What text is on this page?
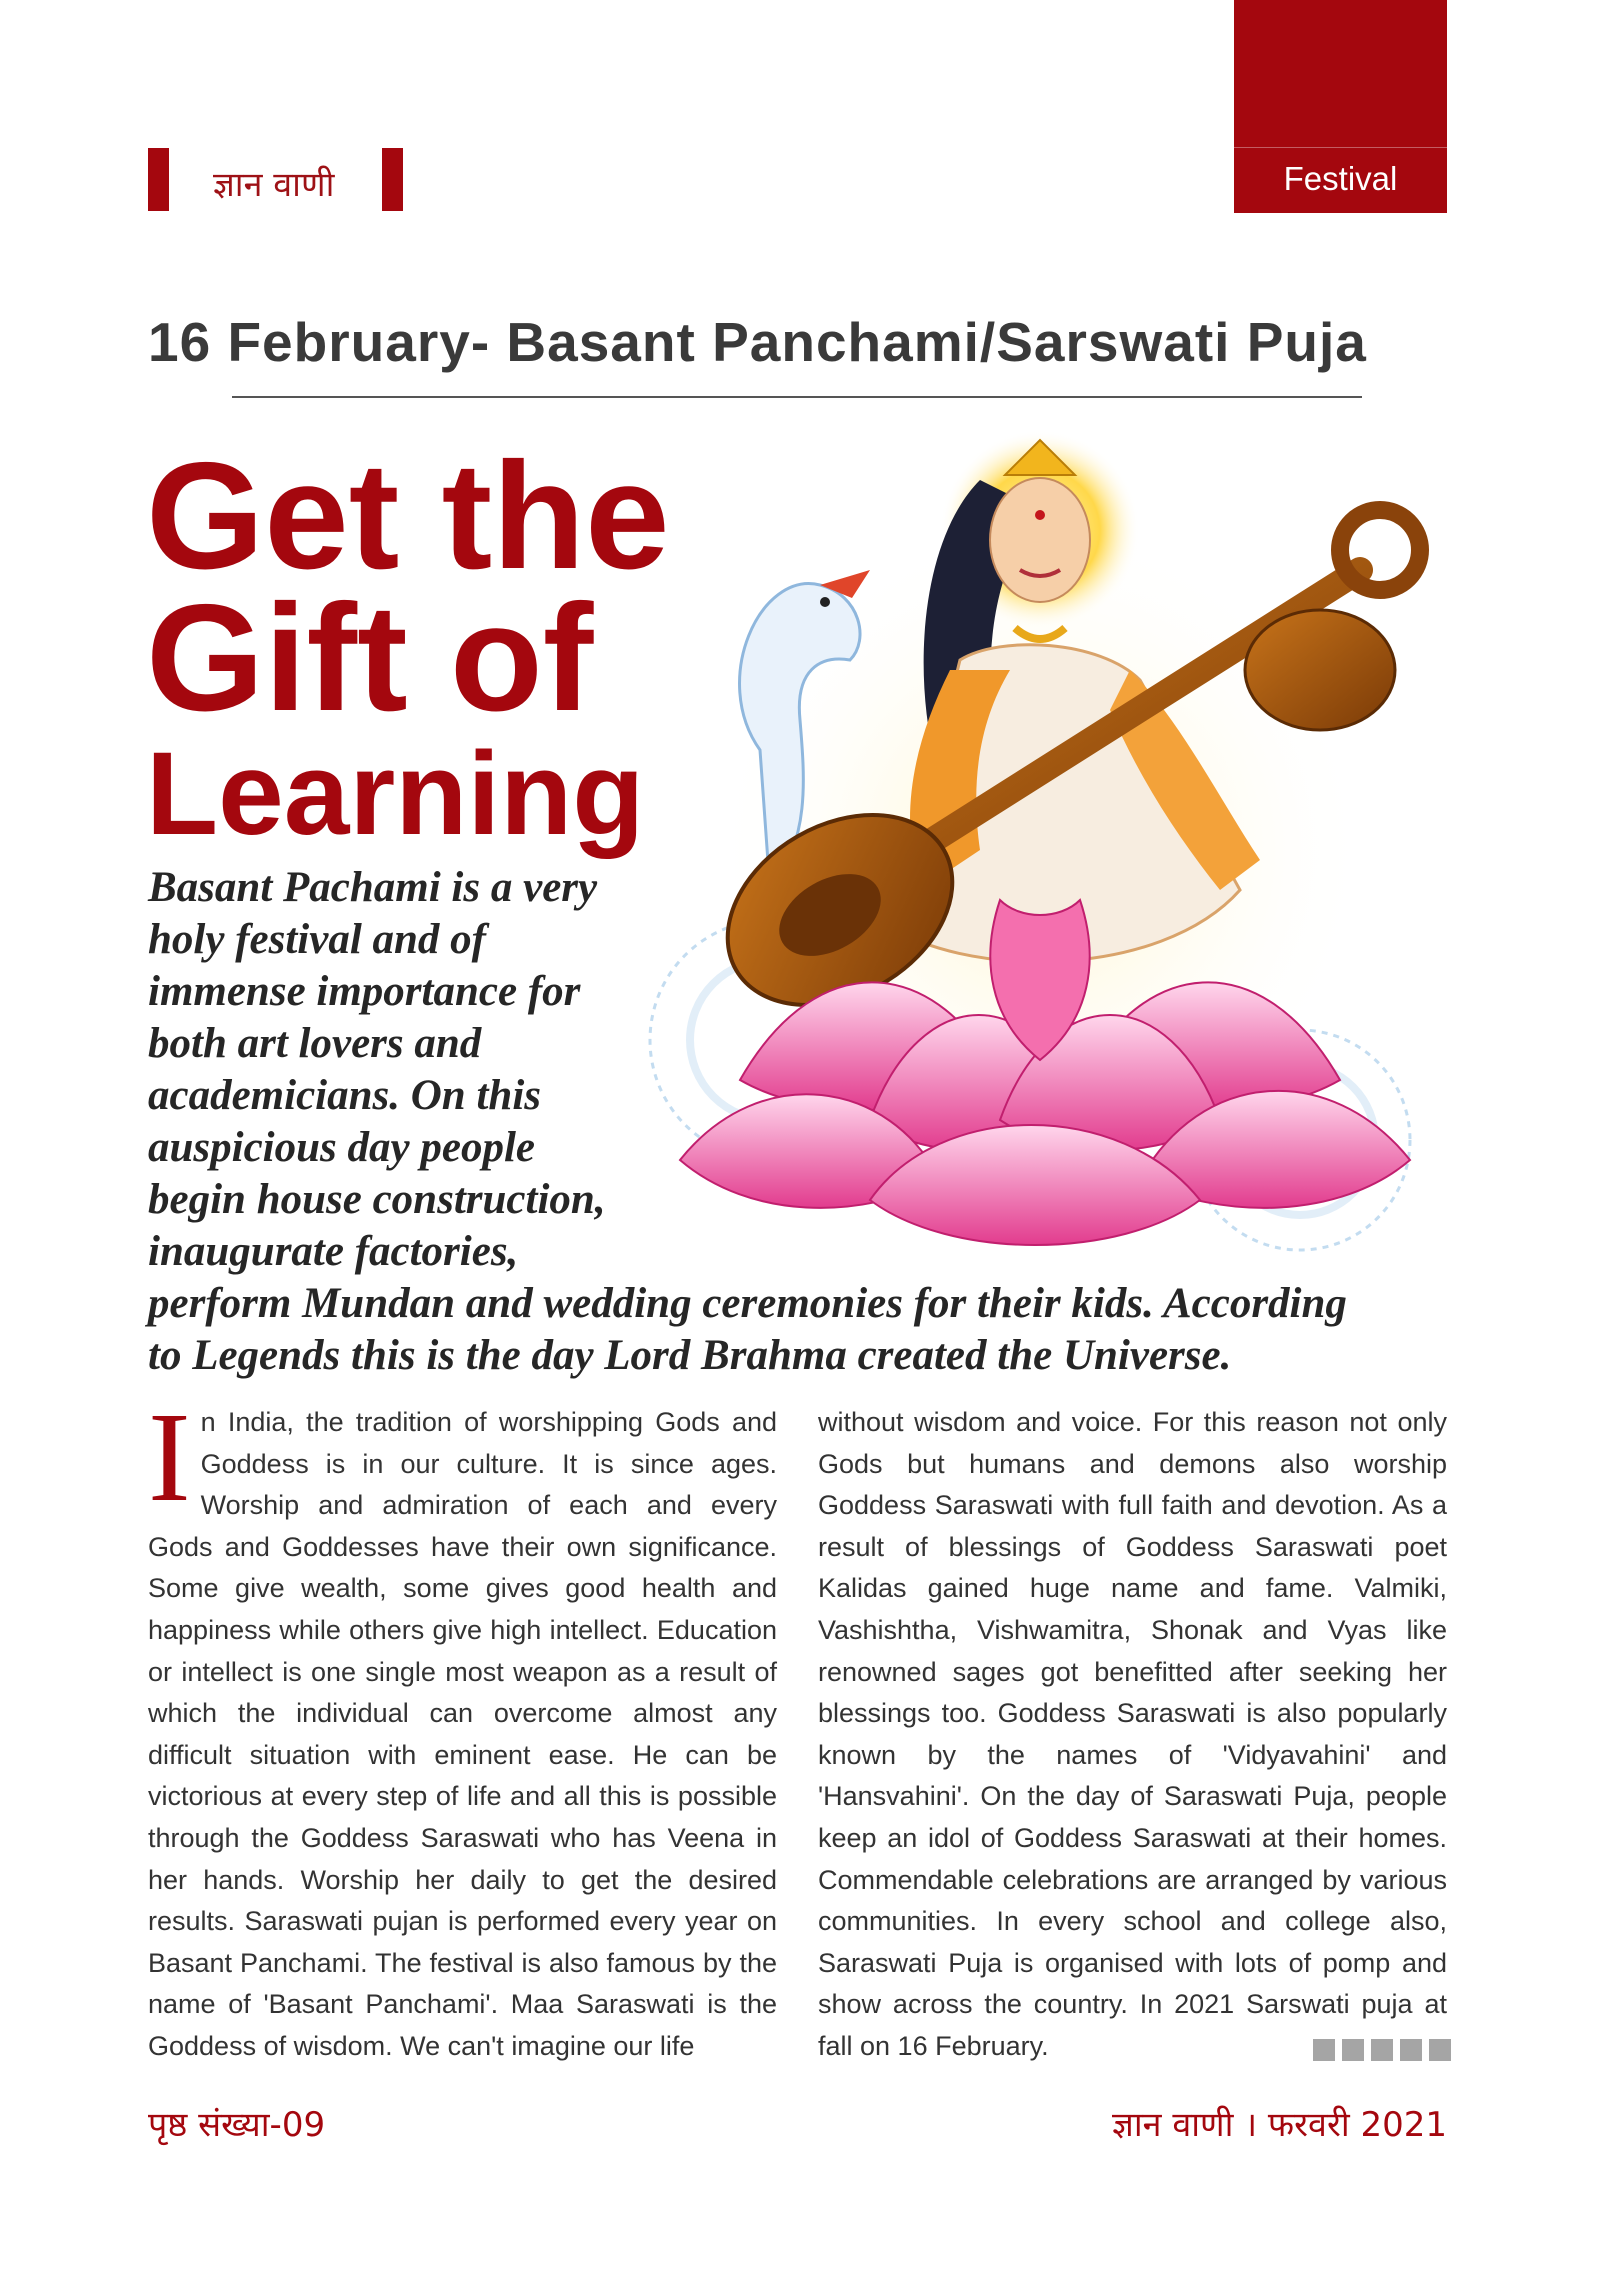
ज्ञान वाणी	Festival
16 February- Basant Panchami/Sarswati Puja
Get the
Gift of
Learning
Basant Pachami is a very
holy festival and of
immense importance for
both art lovers and
academicians. On this
auspicious day people
begin house construction,
inaugurate factories,
perform Mundan and wedding ceremonies for their kids. According
to Legends this is the day Lord Brahma created the Universe.
In India, the tradition of worshipping Gods and Goddess is in our culture. It is since ages. Worship and admiration of each and every Gods and Goddesses have their own significance. Some give wealth, some gives good health and happiness while others give high intellect. Education or intellect is one single most weapon as a result of which the individual can overcome almost any difficult situation with eminent ease. He can be victorious at every step of life and all this is possible through the Goddess Saraswati who has Veena in her hands. Worship her daily to get the desired results. Saraswati pujan is performed every year on Basant Panchami. The festival is also famous by the name of 'Basant Panchami'. Maa Saraswati is the Goddess of wisdom. We can't imagine our life
without wisdom and voice. For this reason not only Gods but humans and demons also worship Goddess Saraswati with full faith and devotion. As a result of blessings of Goddess Saraswati poet Kalidas gained huge name and fame. Valmiki, Vashishtha, Vishwamitra, Shonak and Vyas like renowned sages got benefitted after seeking her blessings too. Goddess Saraswati is also popularly known by the names of 'Vidyavahini' and 'Hansvahini'. On the day of Saraswati Puja, people keep an idol of Goddess Saraswati at their homes. Commendable celebrations are arranged by various communities. In every school and college also, Saraswati Puja is organised with lots of pomp and show across the country. In 2021 Sarswati puja at fall on 16 February.
पृष्ठ संख्या-09	ज्ञान वाणी । फरवरी 2021
